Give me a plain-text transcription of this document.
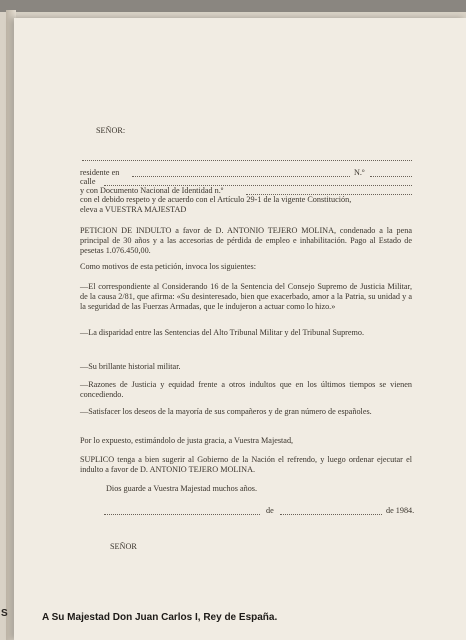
S
SEÑOR:
residente en	N.º
calle
y con Documento Nacional de Identidad n.º
con el debido respeto y de acuerdo con el Artículo 29-1 de la vigente Constitución,
eleva a VUESTRA MAJESTAD
PETICION DE INDULTO a favor de D. ANTONIO TEJERO MOLINA, condenado a la pena principal de 30 años y a las accesorias de pérdida de empleo e inhabilitación. Pago al Estado de pesetas 1.076.450,00.
Como motivos de esta petición, invoca los siguientes:
—El correspondiente al Considerando 16 de la Sentencia del Consejo Supremo de Justicia Militar, de la causa 2/81, que afirma: «Su desinteresado, bien que exacerbado, amor a la Patria, su unidad y a la seguridad de las Fuerzas Armadas, que le indujeron a actuar como lo hizo.»
—La disparidad entre las Sentencias del Alto Tribunal Militar y del Tribunal Supremo.
—Su brillante historial militar.
—Razones de Justicia y equidad frente a otros indultos que en los últimos tiempos se vienen concediendo.
—Satisfacer los deseos de la mayoría de sus compañeros y de gran número de españoles.
Por lo expuesto, estimándolo de justa gracia, a Vuestra Majestad,
SUPLICO tenga a bien sugerir al Gobierno de la Nación el refrendo, y luego ordenar ejecutar el indulto a favor de D. ANTONIO TEJERO MOLINA.
Dios guarde a Vuestra Majestad muchos años.
de	de 1984.
SEÑOR
A Su Majestad Don Juan Carlos I, Rey de España.
